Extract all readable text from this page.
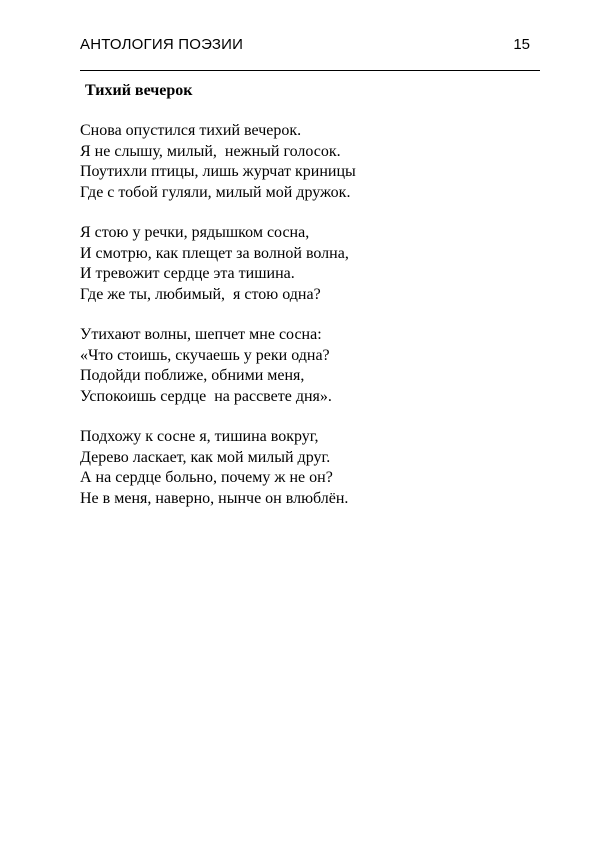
АНТОЛОГИЯ ПОЭЗИИ	15
Тихий вечерок
Снова опустился тихий вечерок.
Я не слышу, милый,  нежный голосок.
Поутихли птицы, лишь журчат криницы
Где с тобой гуляли, милый мой дружок.
Я стою у речки, рядышком сосна,
И смотрю, как плещет за волной волна,
И тревожит сердце эта тишина.
Где же ты, любимый,  я стою одна?
Утихают волны, шепчет мне сосна:
«Что стоишь, скучаешь у реки одна?
Подойди поближе, обними меня,
Успокоишь сердце  на рассвете дня».
Подхожу к сосне я, тишина вокруг,
Дерево ласкает, как мой милый друг.
А на сердце больно, почему ж не он?
Не в меня, наверно, нынче он влюблён.
